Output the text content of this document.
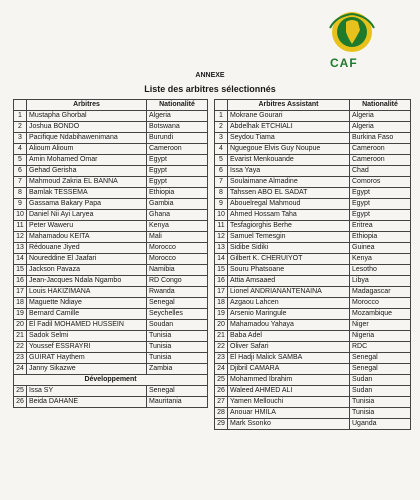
CAF
ANNEXE
Liste des arbitres sélectionnés
	Arbitres	Nationalité
1	Mustapha Ghorbal	Algeria
2	Joshua BONDO	Botswana
3	Pacifique Ndabihawenimana	Burundi
4	Alioum Alioum	Cameroon
5	Amin Mohamed Omar	Egypt
6	Gehad Gerisha	Egypt
7	Mahmoud Zakria EL BANNA	Egypt
8	Bamlak TESSEMA	Ethiopia
9	Gassama Bakary Papa	Gambia
10	Daniel Nii Ayi Laryea	Ghana
11	Peter Waweru	Kenya
12	Mahamadou KEITA	Mali
13	Rédouane Jiyed	Morocco
14	Noureddine El Jaafari	Morocco
15	Jackson Pavaza	Namibia
16	Jean-Jacques Ndala Ngambo	RD Congo
17	Louis HAKIZIMANA	Rwanda
18	Maguette Ndiaye	Senegal
19	Bernard Camille	Seychelles
20	El Fadil MOHAMED HUSSEIN	Soudan
21	Sadok Selmi	Tunisia
22	Youssef ESSRAYRI	Tunisia
23	GUIRAT Haythem	Tunisia
24	Janny Sikazwe	Zambia
Développement		
25	Issa SY	Senegal
26	Beida DAHANE	Mauritania
	Arbitres Assistant	Nationalité
1	Mokrane Gourari	Algeria
2	Abdelhak ETCHIALI	Algeria
3	Seydou Tiama	Burkina Faso
4	Nguegoue Elvis Guy Noupue	Cameroon
5	Evarist Menkouande	Cameroon
6	Issa Yaya	Chad
7	Soulaimane Almadine	Comoros
8	Tahssen ABO EL SADAT	Egypt
9	Abouelregal Mahmoud	Egypt
10	Ahmed Hossam Taha	Egypt
11	Tesfagiorghis Berhe	Eritrea
12	Samuel Temesgin	Ethiopia
13	Sidibe Sidiki	Guinea
14	Gilbert K. CHERUIYOT	Kenya
15	Souru Phatsoane	Lesotho
16	Attia Amsaaed	Libya
17	Lionel ANDRIANANTENAINA	Madagascar
18	Azgaou Lahcen	Morocco
19	Arsenio Maringule	Mozambique
20	Mahamadou Yahaya	Niger
21	Baba Adel	Nigeria
22	Oliver Safari	RDC
23	El Hadji Malick SAMBA	Senegal
24	Djibril CAMARA	Senegal
25	Mohammed Ibrahim	Sudan
26	Waleed AHMED ALI	Sudan
27	Yamen Mellouchi	Tunisia
28	Anouar HMILA	Tunisia
29	Mark Ssonko	Uganda
